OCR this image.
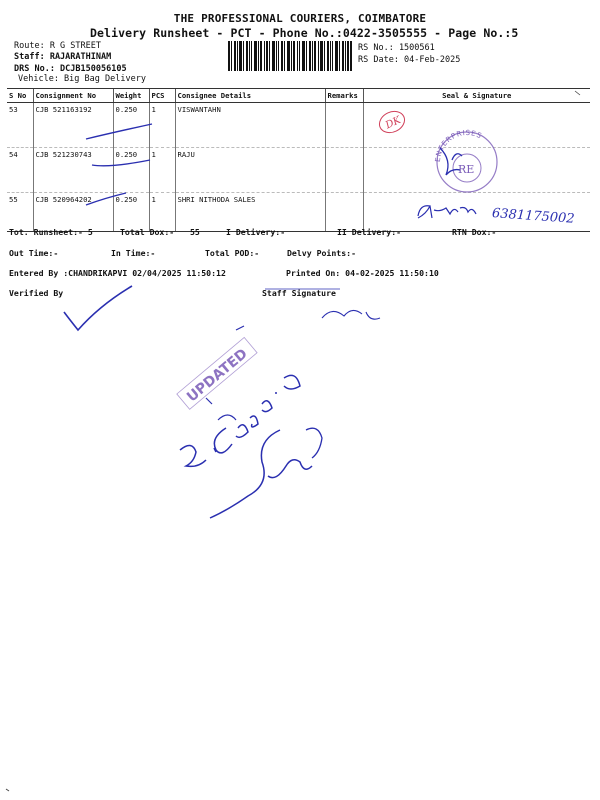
THE PROFESSIONAL COURIERS, COIMBATORE
Delivery Runsheet - PCT - Phone No.:0422-3505555 - Page No.:5
Route: R G STREET
Staff: RAJARATHINAM
DRS No.: DCJB150056105
Vehicle: Big Bag Delivery
RS No.: 1500561
RS Date: 04-Feb-2025
S No	Consignment No	Weight	PCS	Consignee Details	Remarks	Seal & Signature
53	CJB 521163192	0.250	1	VISWANTAHN		
54	CJB 521230743	0.250	1	RAJU		
55	CJB 520964202	0.250	1	SHRI NITHODA SALES		
Tot. Runsheet:- 5	Total Dox:- 55	I Delivery:-	II Delivery:-	RTN Dox:-
Out Time:-	In Time:-	Total POD:-	Delvy Points:-
Entered By :CHANDRIKAPVI 02/04/2025 11:50:12	Printed On: 04-02-2025 11:50:10
Verified By	Staff Signature
DK
ENTERPRISES
RE
6381175002
UPDATED
